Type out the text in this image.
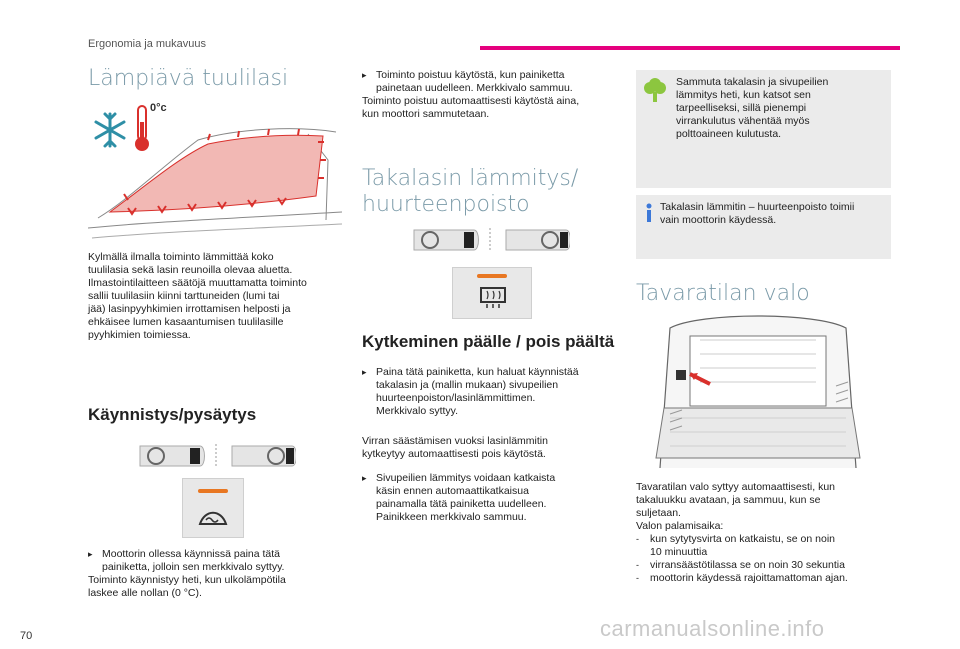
Ergonomia ja mukavuus
Lämpiävä tuulilasi
0°c
Kylmällä ilmalla toiminto lämmittää koko
tuulilasia sekä lasin reunoilla olevaa aluetta.
Ilmastointilaitteen säätöjä muuttamatta toiminto
sallii tuulilasiin kiinni tarttuneiden (lumi tai
jää) lasinpyyhkimien irrottamisen helposti ja
ehkäisee lumen kasaantumisen tuulilasille
pyyhkimien toimiessa.
Käynnistys/pysäytys
▸ Moottorin ollessa käynnissä paina tätä
painiketta, jolloin sen merkkivalo syttyy.
Toiminto käynnistyy heti, kun ulkolämpötila
laskee alle nollan (0 °C).
▸ Toiminto poistuu käytöstä, kun painiketta
painetaan uudelleen. Merkkivalo sammuu.
Toiminto poistuu automaattisesti käytöstä aina,
kun moottori sammutetaan.
Takalasin lämmitys/
huurteenpoisto
Kytkeminen päälle / pois päältä
▸ Paina tätä painiketta, kun haluat käynnistää
takalasin ja (mallin mukaan) sivupeilien
huurteenpoiston/lasinlämmittimen.
Merkkivalo syttyy.
Virran säästämisen vuoksi lasinlämmitin
kytkeytyy automaattisesti pois käytöstä.
▸ Sivupeilien lämmitys voidaan katkaista
käsin ennen automaattikatkaisua
painamalla tätä painiketta uudelleen.
Painikkeen merkkivalo sammuu.
Sammuta takalasin ja sivupeilien
lämmitys heti, kun katsot sen
tarpeelliseksi, sillä pienempi
virrankulutus vähentää myös
polttoaineen kulutusta.
Takalasin lämmitin – huurteenpoisto toimii
vain moottorin käydessä.
Tavaratilan valo
Tavaratilan valo syttyy automaattisesti, kun
takaluukku avataan, ja sammuu, kun se
suljetaan.
Valon palamisaika:
-	kun sytytysvirta on katkaistu, se on noin
10 minuuttia
-	virransäästötilassa se on noin 30 sekuntia
-	moottorin käydessä rajoittamattoman ajan.
70	carmanualsonline.info
